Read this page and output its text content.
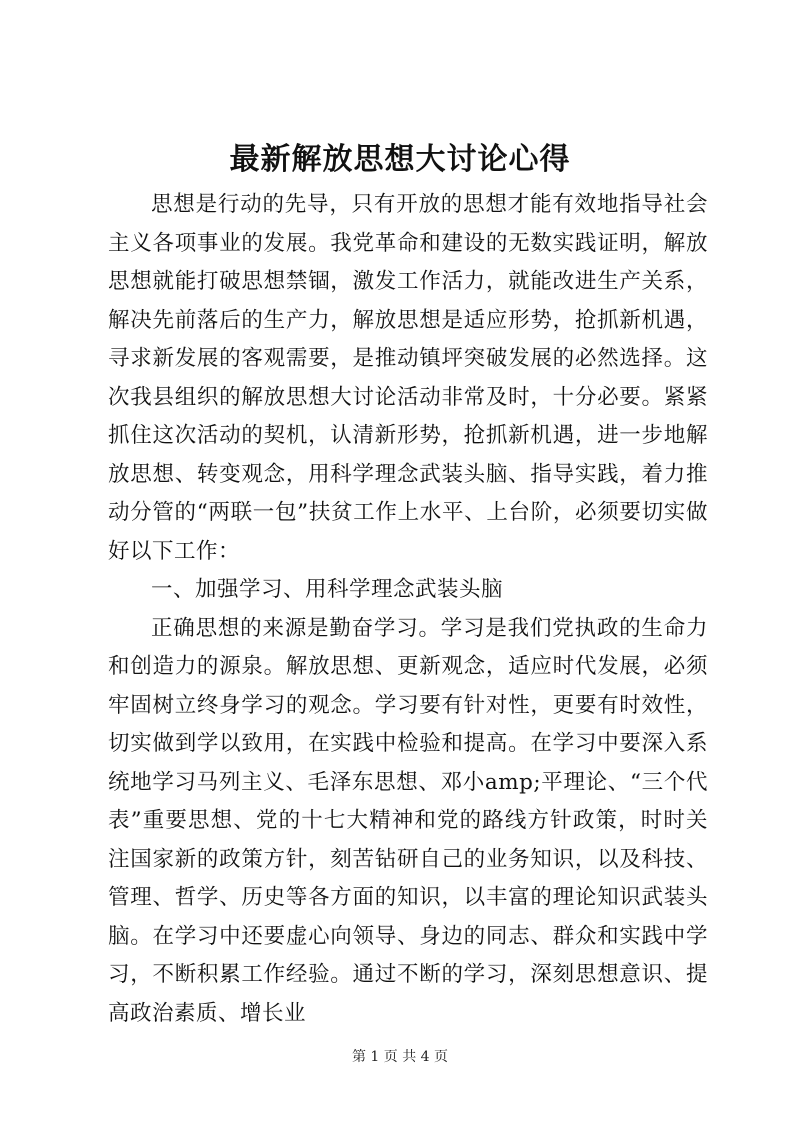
最新解放思想大讨论心得

思想是行动的先导，只有开放的思想才能有效地指导社会主义各项事业的发展。我党革命和建设的无数实践证明，解放思想就能打破思想禁锢，激发工作活力，就能改进生产关系，解决先前落后的生产力，解放思想是适应形势，抢抓新机遇，寻求新发展的客观需要，是推动镇坪突破发展的必然选择。这次我县组织的解放思想大讨论活动非常及时，十分必要。紧紧抓住这次活动的契机，认清新形势，抢抓新机遇，进一步地解放思想、转变观念，用科学理念武装头脑、指导实践，着力推动分管的“两联一包”扶贫工作上水平、上台阶，必须要切实做好以下工作：

一、加强学习、用科学理念武装头脑

正确思想的来源是勤奋学习。学习是我们党执政的生命力和创造力的源泉。解放思想、更新观念，适应时代发展，必须牢固树立终身学习的观念。学习要有针对性，更要有时效性，切实做到学以致用，在实践中检验和提高。在学习中要深入系统地学习马列主义、毛泽东思想、邓小amp;平理论、“三个代表”重要思想、党的十七大精神和党的路线方针政策，时时关注国家新的政策方针，刻苦钻研自己的业务知识，以及科技、管理、哲学、历史等各方面的知识，以丰富的理论知识武装头脑。在学习中还要虚心向领导、身边的同志、群众和实践中学习，不断积累工作经验。通过不断的学习，深刻思想意识、提高政治素质、增长业

第 1 页 共 4 页
